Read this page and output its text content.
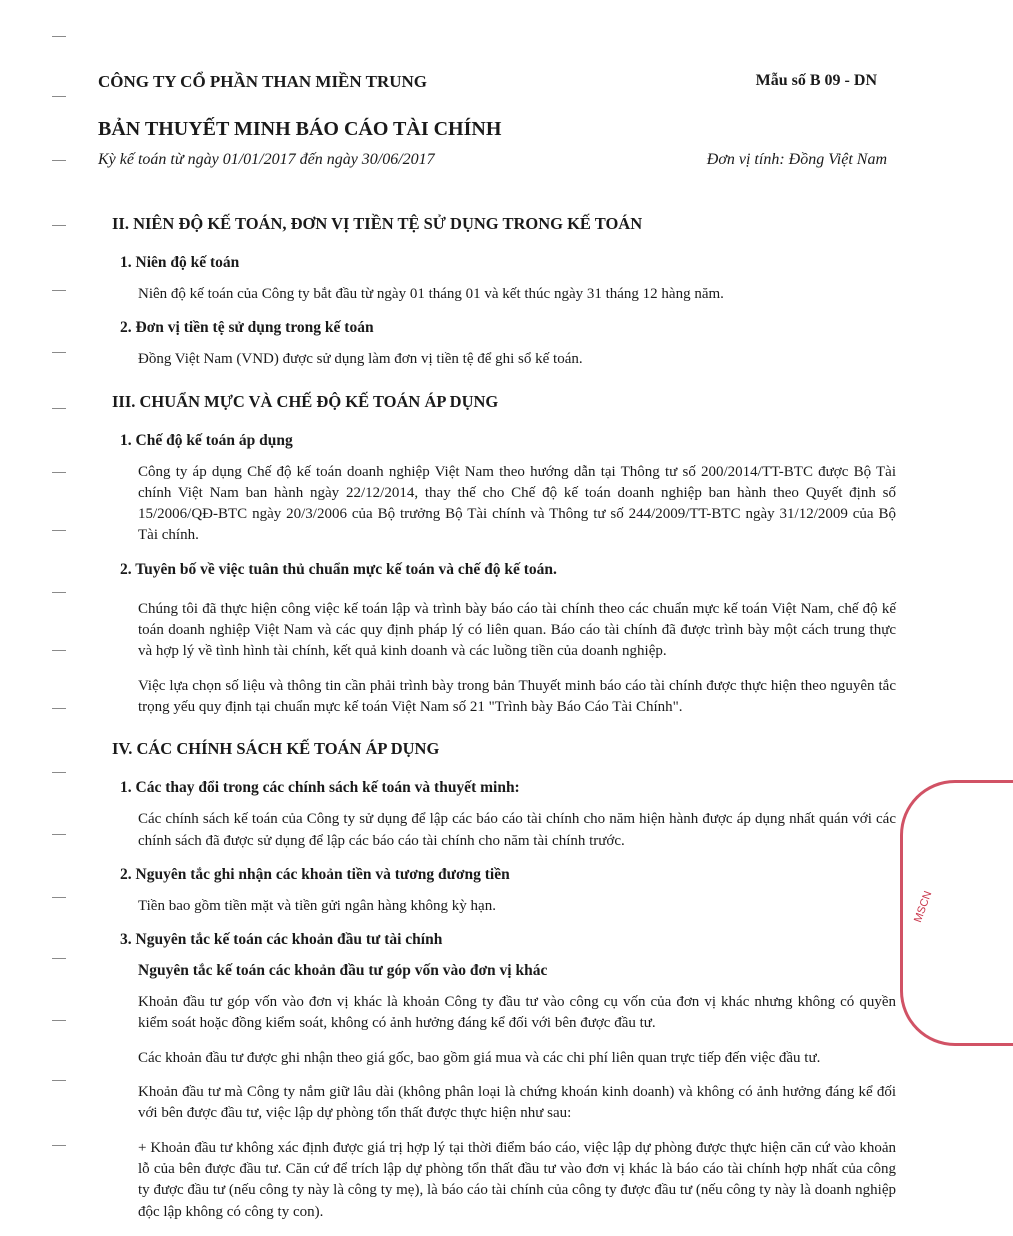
CÔNG TY CỔ PHẦN THAN MIỀN TRUNG	Mẫu số B 09 - DN
BẢN THUYẾT MINH BÁO CÁO TÀI CHÍNH
Kỳ kế toán từ ngày 01/01/2017 đến ngày 30/06/2017	Đơn vị tính: Đồng Việt Nam
II. NIÊN ĐỘ KẾ TOÁN, ĐƠN VỊ TIỀN TỆ SỬ DỤNG TRONG KẾ TOÁN
1. Niên độ kế toán
Niên độ kế toán của Công ty bắt đầu từ ngày 01 tháng 01 và kết thúc ngày 31 tháng 12 hàng năm.
2. Đơn vị tiền tệ sử dụng trong kế toán
Đồng Việt Nam (VND) được sử dụng làm đơn vị tiền tệ để ghi sổ kế toán.
III. CHUẨN MỰC VÀ CHẾ ĐỘ KẾ TOÁN ÁP DỤNG
1. Chế độ kế toán áp dụng
Công ty áp dụng Chế độ kế toán doanh nghiệp Việt Nam theo hướng dẫn tại Thông tư số 200/2014/TT-BTC được Bộ Tài chính Việt Nam ban hành ngày 22/12/2014, thay thế cho Chế độ kế toán doanh nghiệp ban hành theo Quyết định số 15/2006/QĐ-BTC ngày 20/3/2006 của Bộ trưởng Bộ Tài chính và Thông tư số 244/2009/TT-BTC ngày 31/12/2009 của Bộ Tài chính.
2. Tuyên bố về việc tuân thủ chuẩn mực kế toán và chế độ kế toán.
Chúng tôi đã thực hiện công việc kế toán lập và trình bày báo cáo tài chính theo các chuẩn mực kế toán Việt Nam, chế độ kế toán doanh nghiệp Việt Nam và các quy định pháp lý có liên quan. Báo cáo tài chính đã được trình bày một cách trung thực và hợp lý về tình hình tài chính, kết quả kinh doanh và các luồng tiền của doanh nghiệp.
Việc lựa chọn số liệu và thông tin cần phải trình bày trong bản Thuyết minh báo cáo tài chính được thực hiện theo nguyên tắc trọng yếu quy định tại chuẩn mực kế toán Việt Nam số 21 "Trình bày Báo Cáo Tài Chính".
IV. CÁC CHÍNH SÁCH KẾ TOÁN ÁP DỤNG
1. Các thay đổi trong các chính sách kế toán và thuyết minh:
Các chính sách kế toán của Công ty sử dụng để lập các báo cáo tài chính cho năm hiện hành được áp dụng nhất quán với các chính sách đã được sử dụng để lập các báo cáo tài chính cho năm tài chính trước.
2. Nguyên tắc ghi nhận các khoản tiền và tương đương tiền
Tiền bao gồm tiền mặt và tiền gửi ngân hàng không kỳ hạn.
3. Nguyên tắc kế toán các khoản đầu tư tài chính
Nguyên tắc kế toán các khoản đầu tư góp vốn vào đơn vị khác
Khoản đầu tư góp vốn vào đơn vị khác là khoản Công ty đầu tư vào công cụ vốn của đơn vị khác nhưng không có quyền kiểm soát hoặc đồng kiểm soát, không có ảnh hưởng đáng kể đối với bên được đầu tư.
Các khoản đầu tư được ghi nhận theo giá gốc, bao gồm giá mua và các chi phí liên quan trực tiếp đến việc đầu tư.
Khoản đầu tư mà Công ty nắm giữ lâu dài (không phân loại là chứng khoán kinh doanh) và không có ảnh hưởng đáng kể đối với bên được đầu tư, việc lập dự phòng tổn thất được thực hiện như sau:
+ Khoản đầu tư không xác định được giá trị hợp lý tại thời điểm báo cáo, việc lập dự phòng được thực hiện căn cứ vào khoản lỗ của bên được đầu tư. Căn cứ để trích lập dự phòng tổn thất đầu tư vào đơn vị khác là báo cáo tài chính hợp nhất của công ty được đầu tư (nếu công ty này là công ty mẹ), là báo cáo tài chính của công ty được đầu tư (nếu công ty này là doanh nghiệp độc lập không có công ty con).
MSCN
